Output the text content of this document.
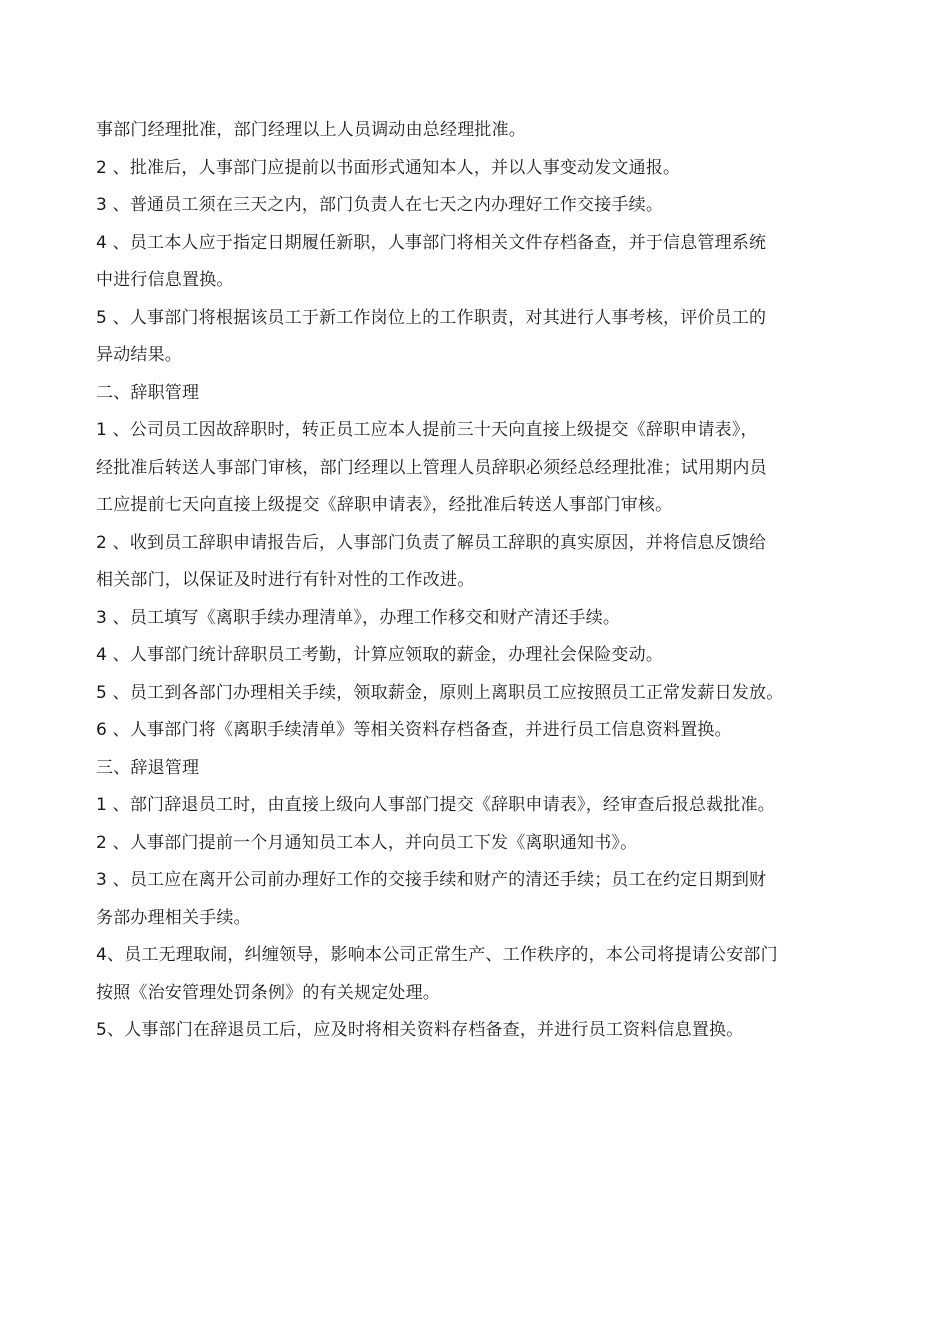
事部门经理批准，部门经理以上人员调动由总经理批准。
2 、批准后，人事部门应提前以书面形式通知本人，并以人事变动发文通报。
3 、普通员工须在三天之内，部门负责人在七天之内办理好工作交接手续。
4 、员工本人应于指定日期履任新职，人事部门将相关文件存档备查，并于信息管理系统
中进行信息置换。
5 、人事部门将根据该员工于新工作岗位上的工作职责，对其进行人事考核，评价员工的
异动结果。
二、辞职管理
1 、公司员工因故辞职时，转正员工应本人提前三十天向直接上级提交《辞职申请表》，
经批准后转送人事部门审核，部门经理以上管理人员辞职必须经总经理批准；试用期内员
工应提前七天向直接上级提交《辞职申请表》，经批准后转送人事部门审核。
2 、收到员工辞职申请报告后，人事部门负责了解员工辞职的真实原因，并将信息反馈给
相关部门，以保证及时进行有针对性的工作改进。
3 、员工填写《离职手续办理清单》，办理工作移交和财产清还手续。
4 、人事部门统计辞职员工考勤，计算应领取的薪金，办理社会保险变动。
5 、员工到各部门办理相关手续，领取薪金，原则上离职员工应按照员工正常发薪日发放。
6 、人事部门将《离职手续清单》等相关资料存档备查，并进行员工信息资料置换。
三、辞退管理
1 、部门辞退员工时，由直接上级向人事部门提交《辞职申请表》，经审查后报总裁批准。
2 、人事部门提前一个月通知员工本人，并向员工下发《离职通知书》。
3 、员工应在离开公司前办理好工作的交接手续和财产的清还手续；员工在约定日期到财
务部办理相关手续。
4、员工无理取闹，纠缠领导，影响本公司正常生产、工作秩序的，本公司将提请公安部门
按照《治安管理处罚条例》的有关规定处理。
5、人事部门在辞退员工后，应及时将相关资料存档备查，并进行员工资料信息置换。
